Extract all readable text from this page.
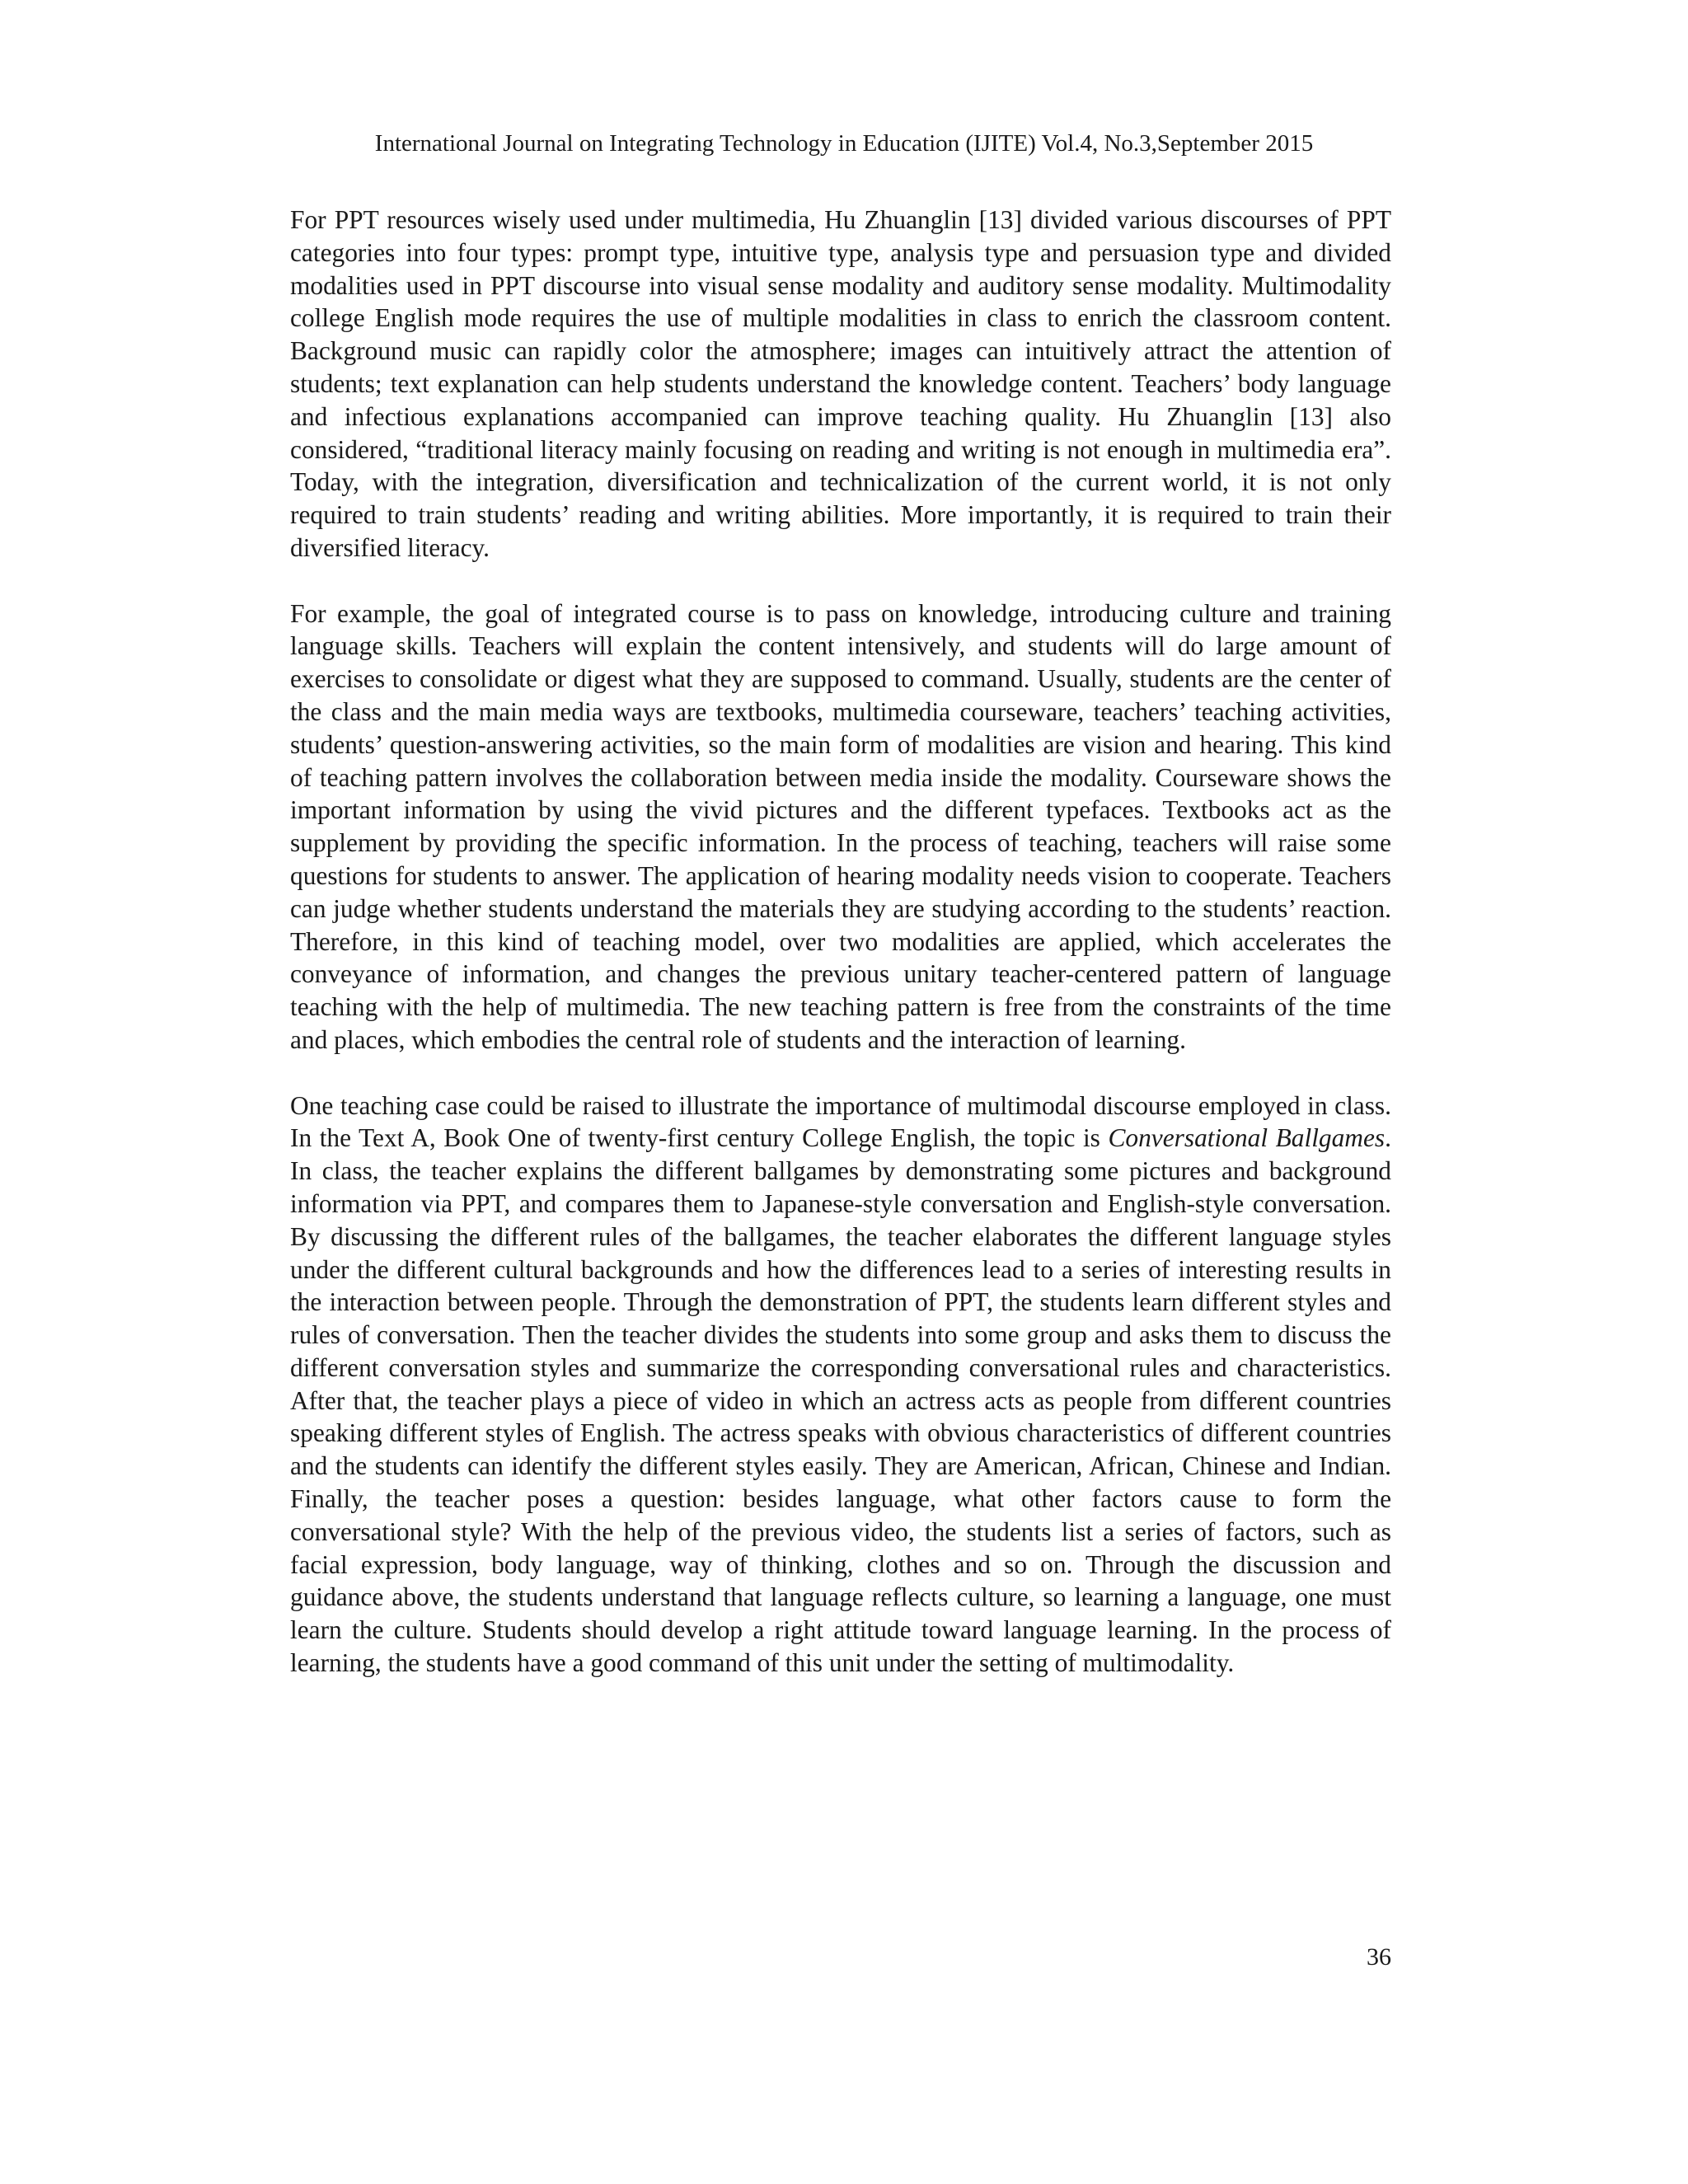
International Journal on Integrating Technology in Education (IJITE) Vol.4, No.3,September 2015

For PPT resources wisely used under multimedia, Hu Zhuanglin [13] divided various discourses of PPT categories into four types: prompt type, intuitive type, analysis type and persuasion type and divided modalities used in PPT discourse into visual sense modality and auditory sense modality. Multimodality college English mode requires the use of multiple modalities in class to enrich the classroom content. Background music can rapidly color the atmosphere; images can intuitively attract the attention of students; text explanation can help students understand the knowledge content. Teachers’ body language and infectious explanations accompanied can improve teaching quality. Hu Zhuanglin [13] also considered, “traditional literacy mainly focusing on reading and writing is not enough in multimedia era”. Today, with the integration, diversification and technicalization of the current world, it is not only required to train students’ reading and writing abilities. More importantly, it is required to train their diversified literacy.

For example, the goal of integrated course is to pass on knowledge, introducing culture and training language skills. Teachers will explain the content intensively, and students will do large amount of exercises to consolidate or digest what they are supposed to command. Usually, students are the center of the class and the main media ways are textbooks, multimedia courseware, teachers’ teaching activities, students’ question-answering activities, so the main form of modalities are vision and hearing. This kind of teaching pattern involves the collaboration between media inside the modality. Courseware shows the important information by using the vivid pictures and the different typefaces. Textbooks act as the supplement by providing the specific information. In the process of teaching, teachers will raise some questions for students to answer. The application of hearing modality needs vision to cooperate. Teachers can judge whether students understand the materials they are studying according to the students’ reaction. Therefore, in this kind of teaching model, over two modalities are applied, which accelerates the conveyance of information, and changes the previous unitary teacher-centered pattern of language teaching with the help of multimedia. The new teaching pattern is free from the constraints of the time and places, which embodies the central role of students and the interaction of learning.

One teaching case could be raised to illustrate the importance of multimodal discourse employed in class. In the Text A, Book One of twenty-first century College English, the topic is Conversational Ballgames. In class, the teacher explains the different ballgames by demonstrating some pictures and background information via PPT, and compares them to Japanese-style conversation and English-style conversation. By discussing the different rules of the ballgames, the teacher elaborates the different language styles under the different cultural backgrounds and how the differences lead to a series of interesting results in the interaction between people. Through the demonstration of PPT, the students learn different styles and rules of conversation. Then the teacher divides the students into some group and asks them to discuss the different conversation styles and summarize the corresponding conversational rules and characteristics. After that, the teacher plays a piece of video in which an actress acts as people from different countries speaking different styles of English. The actress speaks with obvious characteristics of different countries and the students can identify the different styles easily. They are American, African, Chinese and Indian. Finally, the teacher poses a question: besides language, what other factors cause to form the conversational style? With the help of the previous video, the students list a series of factors, such as facial expression, body language, way of thinking, clothes and so on. Through the discussion and guidance above, the students understand that language reflects culture, so learning a language, one must learn the culture. Students should develop a right attitude toward language learning. In the process of learning, the students have a good command of this unit under the setting of multimodality.

36
